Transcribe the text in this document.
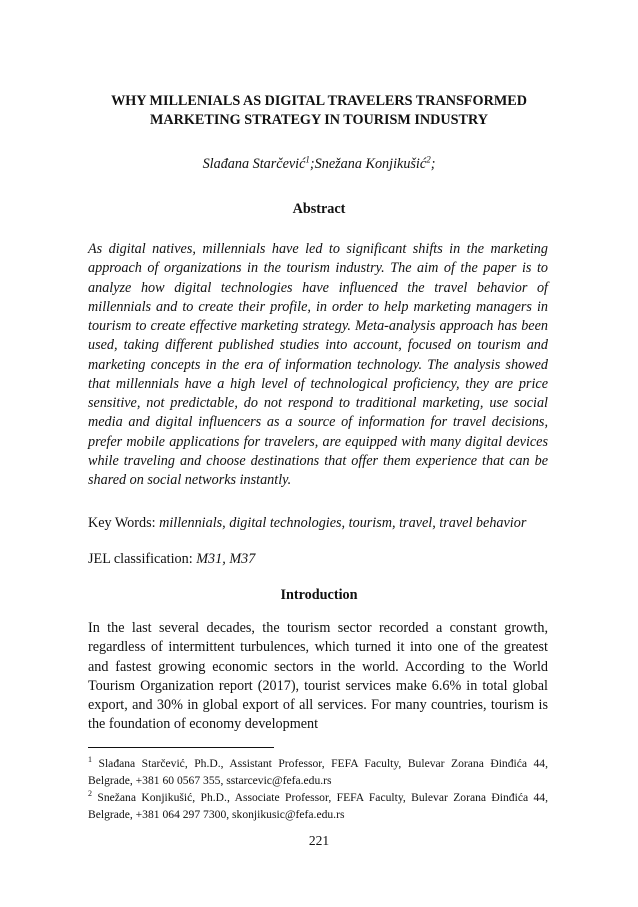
WHY MILLENIALS AS DIGITAL TRAVELERS TRANSFORMED MARKETING STRATEGY IN TOURISM INDUSTRY
Slađana Starčević$^1$;Snežana Konjikušić$^2$;
Abstract

As digital natives, millennials have led to significant shifts in the marketing approach of organizations in the tourism industry. The aim of the paper is to analyze how digital technologies have influenced the travel behavior of millennials and to create their profile, in order to help marketing managers in tourism to create effective marketing strategy. Meta-analysis approach has been used, taking different published studies into account, focused on tourism and marketing concepts in the era of information technology. The analysis showed that millennials have a high level of technological proficiency, they are price sensitive, not predictable, do not respond to traditional marketing, use social media and digital influencers as a source of information for travel decisions, prefer mobile applications for travelers, are equipped with many digital devices while traveling and choose destinations that offer them experience that can be shared on social networks instantly.

Key Words: millennials, digital technologies, tourism, travel, travel behavior

JEL classification: M31, M37

Introduction

In the last several decades, the tourism sector recorded a constant growth, regardless of intermittent turbulences, which turned it into one of the greatest and fastest growing economic sectors in the world. According to the World Tourism Organization report (2017), tourist services make 6.6% in total global export, and 30% in global export of all services. For many countries, tourism is the foundation of economy development

$^1$ Slađana Starčević, Ph.D., Assistant Professor, FEFA Faculty, Bulevar Zorana Đinđića 44, Belgrade, +381 60 0567 355, sstarcevic@fefa.edu.rs

$^2$ Snežana Konjikušić, Ph.D., Associate Professor, FEFA Faculty, Bulevar Zorana Đinđića 44, Belgrade, +381 064 297 7300, skonjikusic@fefa.edu.rs

221
